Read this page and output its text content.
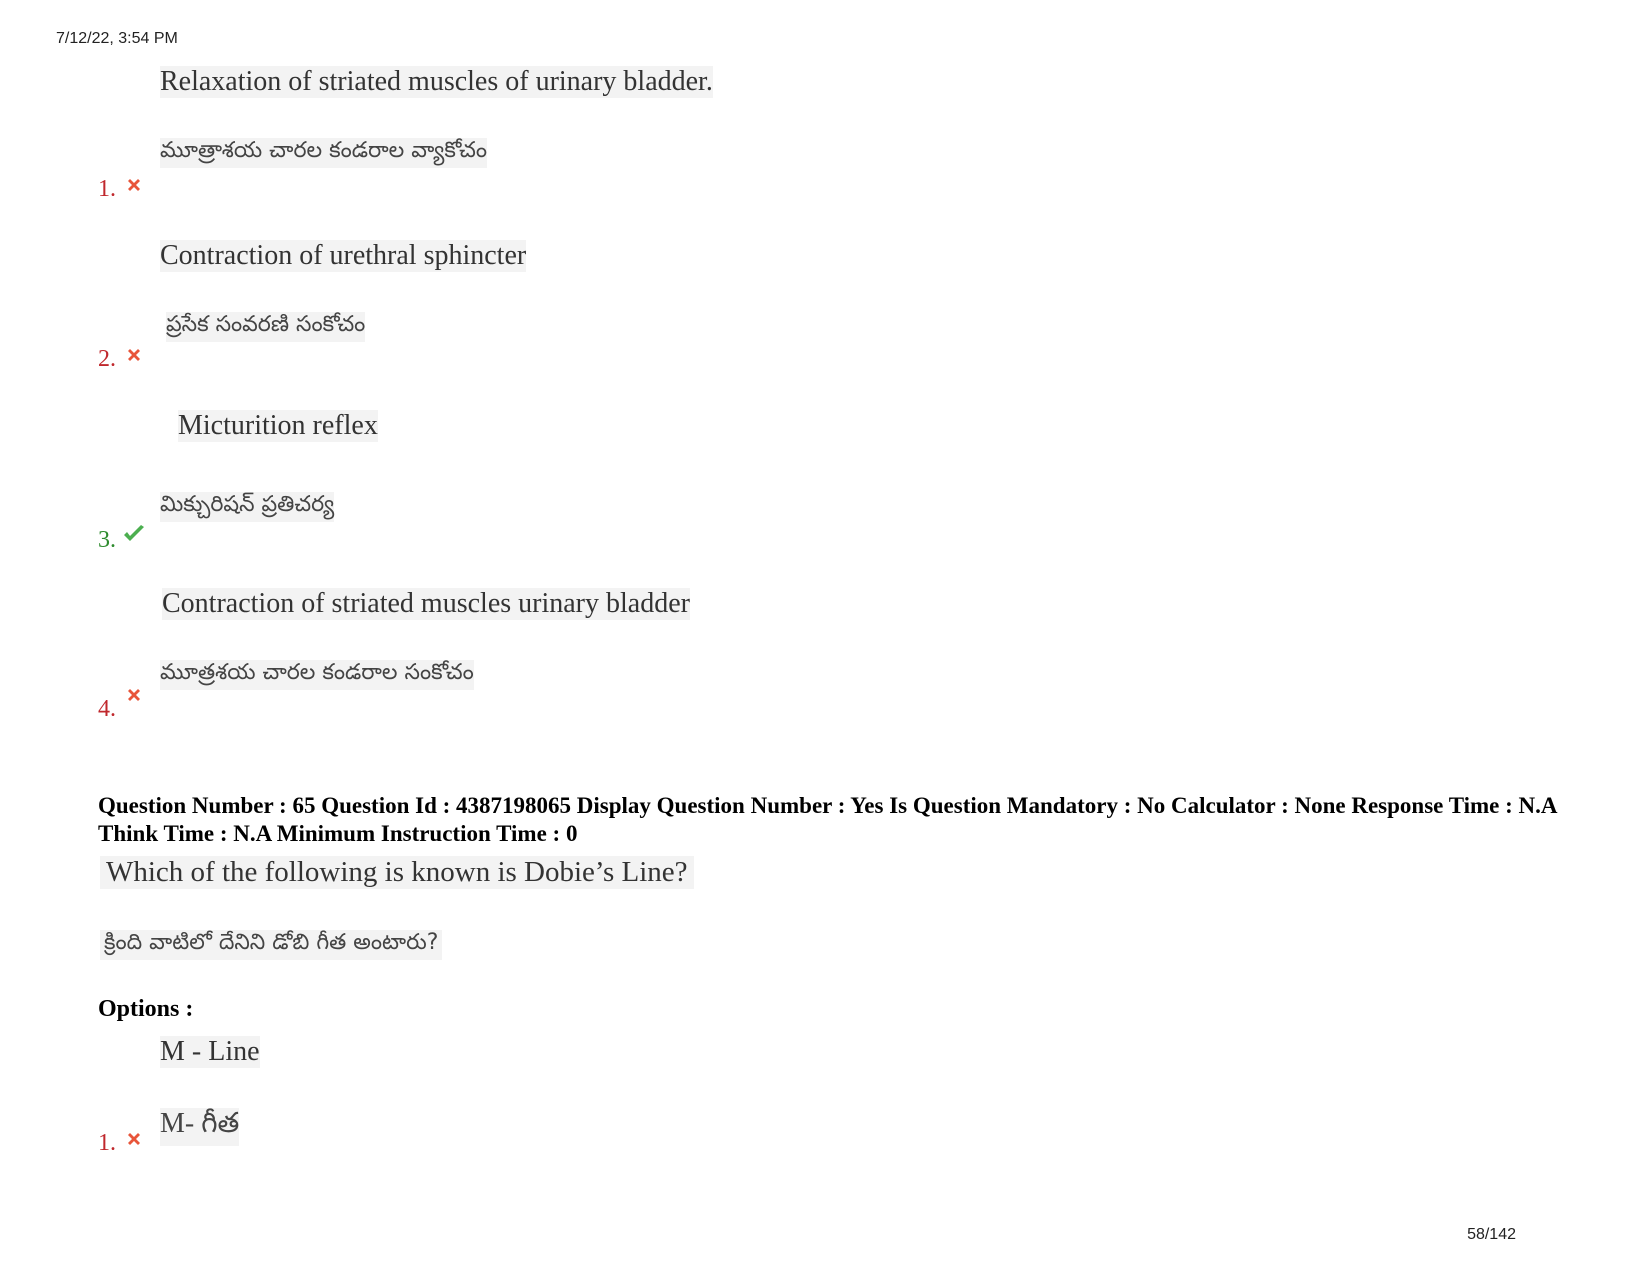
7/12/22, 3:54 PM
Relaxation of striated muscles of urinary bladder.
మూత్రాశయ చారల కండరాల వ్యాకోచం
1.
Contraction of urethral sphincter
ప్రసేక సంవరణి సంకోచం
2.
Micturition reflex
మిక్చురిషన్ ప్రతిచర్య
3.
Contraction of striated muscles urinary bladder
మూత్రశయ చారల కండరాల సంకోచం
4.
Question Number : 65 Question Id : 4387198065 Display Question Number : Yes Is Question Mandatory : No Calculator : None Response Time : N.A Think Time : N.A Minimum Instruction Time : 0
Which of the following is known is Dobie’s Line?
క్రింది వాటిలో దేనిని డోబి గీత అంటారు?
Options :
M - Line
M- గీత
1.
58/142
